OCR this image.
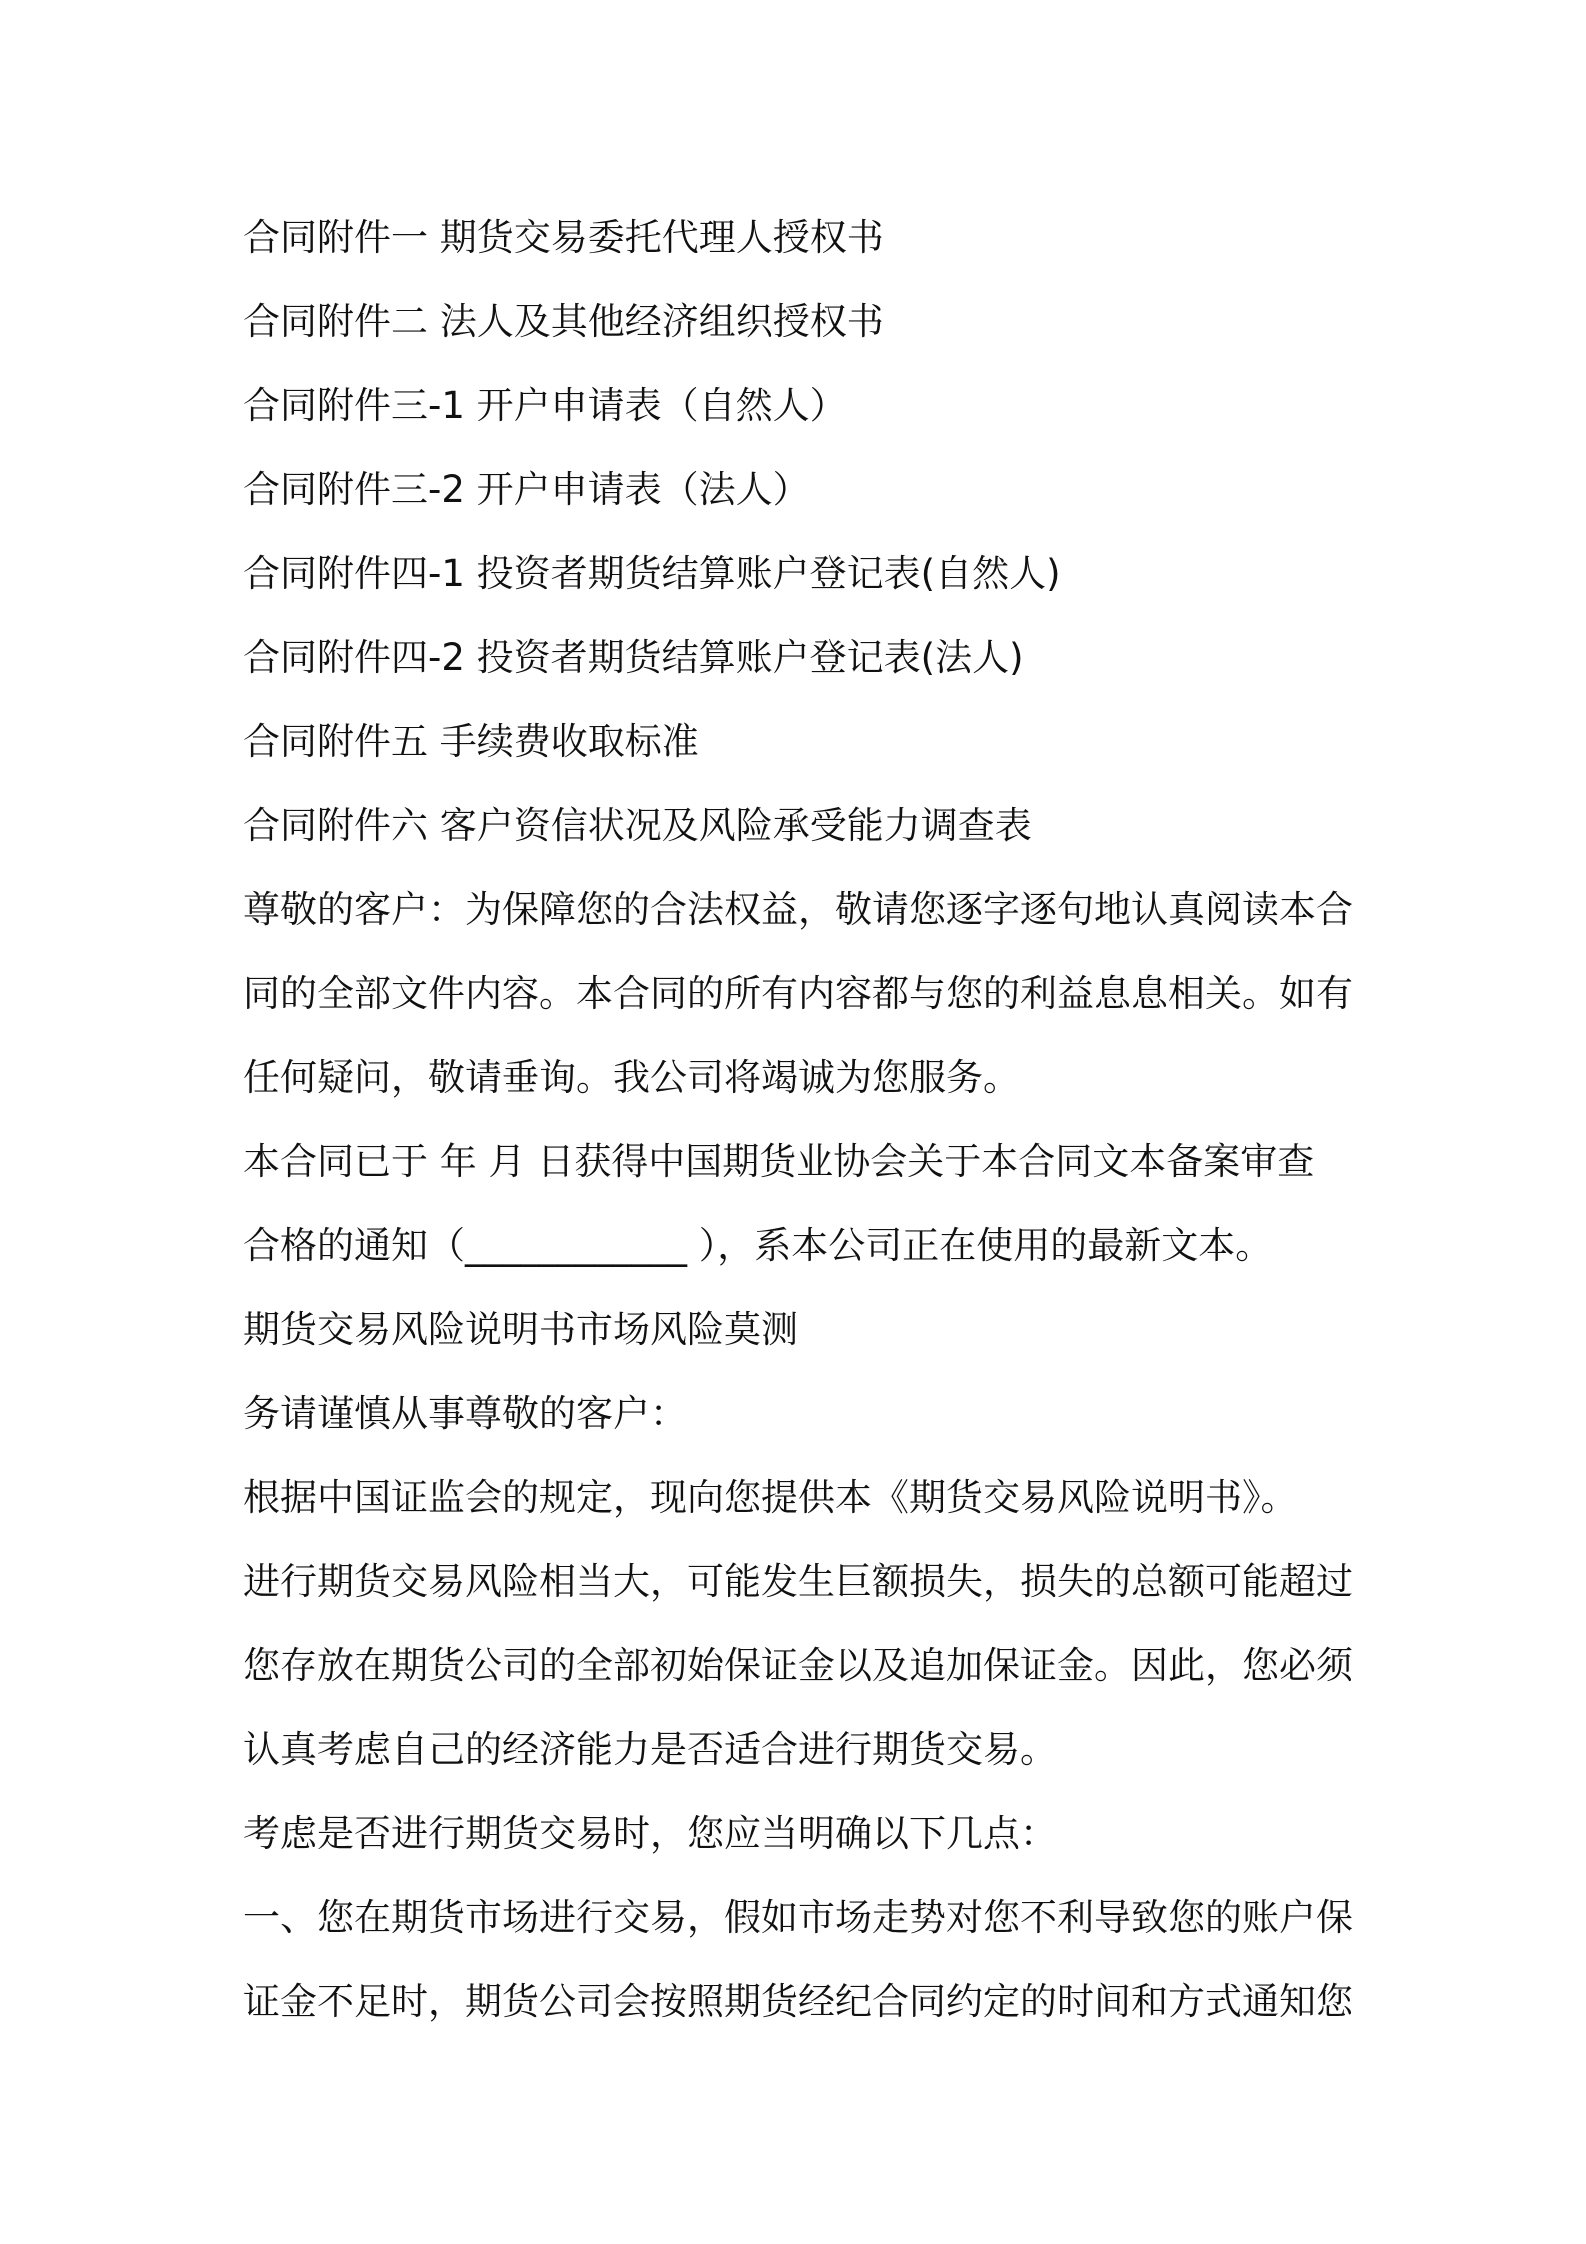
合同附件一 期货交易委托代理人授权书
合同附件二 法人及其他经济组织授权书
合同附件三-1 开户申请表（自然人）
合同附件三-2 开户申请表（法人）
合同附件四-1 投资者期货结算账户登记表(自然人)
合同附件四-2 投资者期货结算账户登记表(法人)
合同附件五 手续费收取标准
合同附件六 客户资信状况及风险承受能力调查表
尊敬的客户：为保障您的合法权益，敬请您逐字逐句地认真阅读本合
同的全部文件内容。本合同的所有内容都与您的利益息息相关。如有
任何疑问，敬请垂询。我公司将竭诚为您服务。
本合同已于 年 月 日获得中国期货业协会关于本合同文本备案审查
合格的通知（____________ ），系本公司正在使用的最新文本。
期货交易风险说明书市场风险莫测
务请谨慎从事尊敬的客户：
根据中国证监会的规定，现向您提供本《期货交易风险说明书》。
进行期货交易风险相当大，可能发生巨额损失，损失的总额可能超过
您存放在期货公司的全部初始保证金以及追加保证金。因此，您必须
认真考虑自己的经济能力是否适合进行期货交易。
考虑是否进行期货交易时，您应当明确以下几点：
一、您在期货市场进行交易，假如市场走势对您不利导致您的账户保
证金不足时，期货公司会按照期货经纪合同约定的时间和方式通知您
